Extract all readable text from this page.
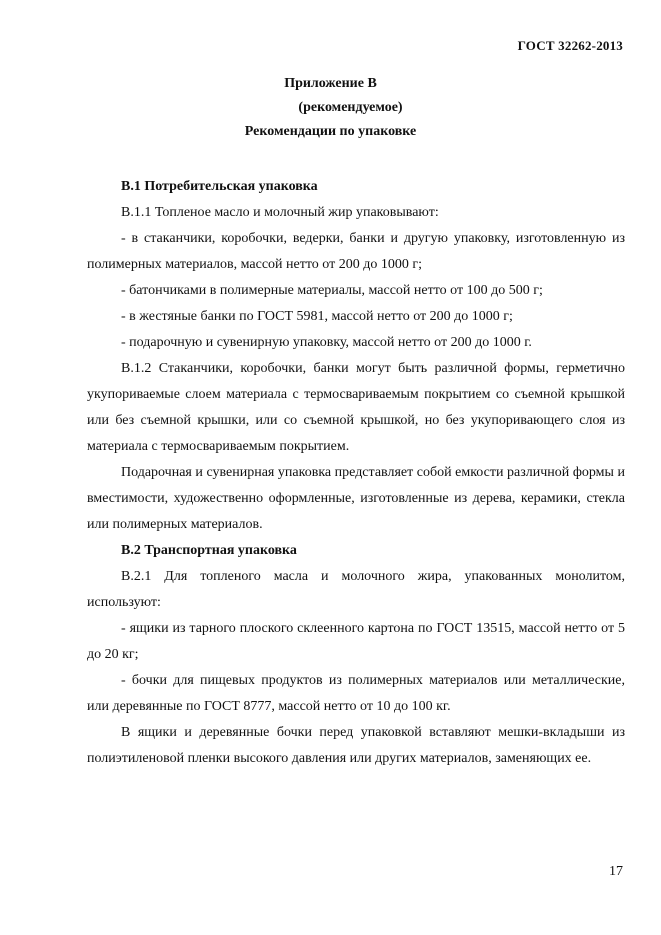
ГОСТ 32262-2013
Приложение В
(рекомендуемое)
Рекомендации по упаковке

В.1 Потребительская упаковка

В.1.1 Топленое масло и молочный жир упаковывают:

- в стаканчики, коробочки, ведерки, банки и другую упаковку, изготовленную из полимерных материалов, массой нетто от 200 до 1000 г;

- батончиками в полимерные материалы, массой нетто от 100 до 500 г;

- в жестяные банки по ГОСТ 5981, массой нетто от 200 до 1000 г;

- подарочную и сувенирную упаковку, массой нетто от 200 до 1000 г.

В.1.2 Стаканчики, коробочки, банки могут быть различной формы, герметично укупориваемые слоем материала с термосвариваемым покрытием со съемной крышкой или без съемной крышки, или со съемной крышкой, но без укупоривающего слоя из материала с термосвариваемым покрытием.

Подарочная и сувенирная упаковка представляет собой емкости различной формы и вместимости, художественно оформленные, изготовленные из дерева, керамики, стекла или полимерных материалов.

В.2 Транспортная упаковка

В.2.1 Для топленого масла и молочного жира, упакованных монолитом, используют:

- ящики из тарного плоского склеенного картона по ГОСТ 13515, массой нетто от 5 до 20 кг;

- бочки для пищевых продуктов из полимерных материалов или металлические, или деревянные по ГОСТ 8777, массой нетто от 10 до 100 кг.

В ящики и деревянные бочки перед упаковкой вставляют мешки-вкладыши из полиэтиленовой пленки высокого давления или других материалов, заменяющих ее.

17
